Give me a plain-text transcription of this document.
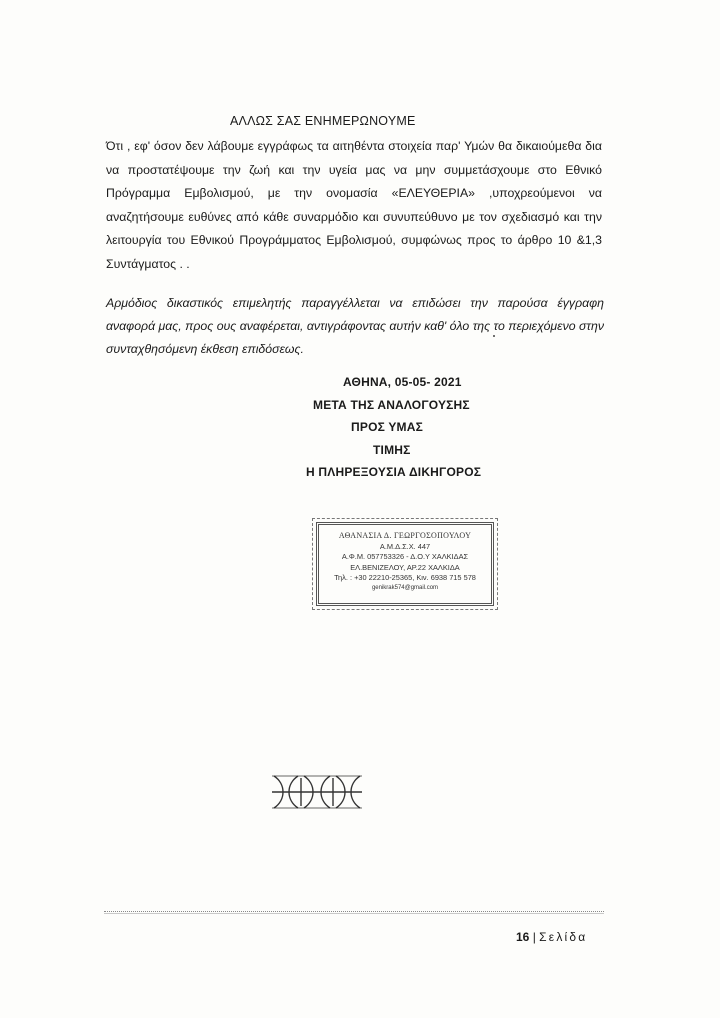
ΑΛΛΩΣ ΣΑΣ ΕΝΗΜΕΡΩΝΟΥΜΕ
Ότι , εφ' όσον δεν λάβουμε εγγράφως τα αιτηθέντα στοιχεία παρ' Υμών θα δικαιούμεθα δια να προστατέψουμε την ζωή και την υγεία μας να μην συμμετάσχουμε στο Εθνικό Πρόγραμμα Εμβολισμού, με την ονομασία «ΕΛΕΥΘΕΡΙΑ» ,υποχρεούμενοι να αναζητήσουμε ευθύνες από κάθε συναρμόδιο και συνυπεύθυνο με τον σχεδιασμό και την λειτουργία του Εθνικού Προγράμματος Εμβολισμού, συμφώνως προς το άρθρο 10 &1,3 Συντάγματος . .
Αρμόδιος δικαστικός επιμελητής παραγγέλλεται να επιδώσει την παρούσα έγγραφη αναφορά μας, προς ους αναφέρεται, αντιγράφοντας αυτήν καθ' όλο της το περιεχόμενο στην συνταχθησόμενη έκθεση επιδόσεως.
ΑΘΗΝΑ, 05-05- 2021
ΜΕΤΑ ΤΗΣ ΑΝΑΛΟΓΟΥΣΗΣ
ΠΡΟΣ ΥΜΑΣ
ΤΙΜΗΣ
Η ΠΛΗΡΕΞΟΥΣΙΑ ΔΙΚΗΓΟΡΟΣ
ΑΘΑΝΑΣΙΑ Δ. ΓΕΩΡΓΟΣΟΠΟΥΛΟΥ
Α.Μ.Δ.Σ.Χ. 447
Α.Φ.Μ. 057753326 - Δ.Ο.Υ ΧΑΛΚΙΔΑΣ
ΕΛ.ΒΕΝΙΖΕΛΟΥ, ΑΡ.22 ΧΑΛΚΙΔΑ
Τηλ. : +30 22210-25365, Κιν. 6938 715 578
genikrak574@gmail.com
16 | Σελίδα
